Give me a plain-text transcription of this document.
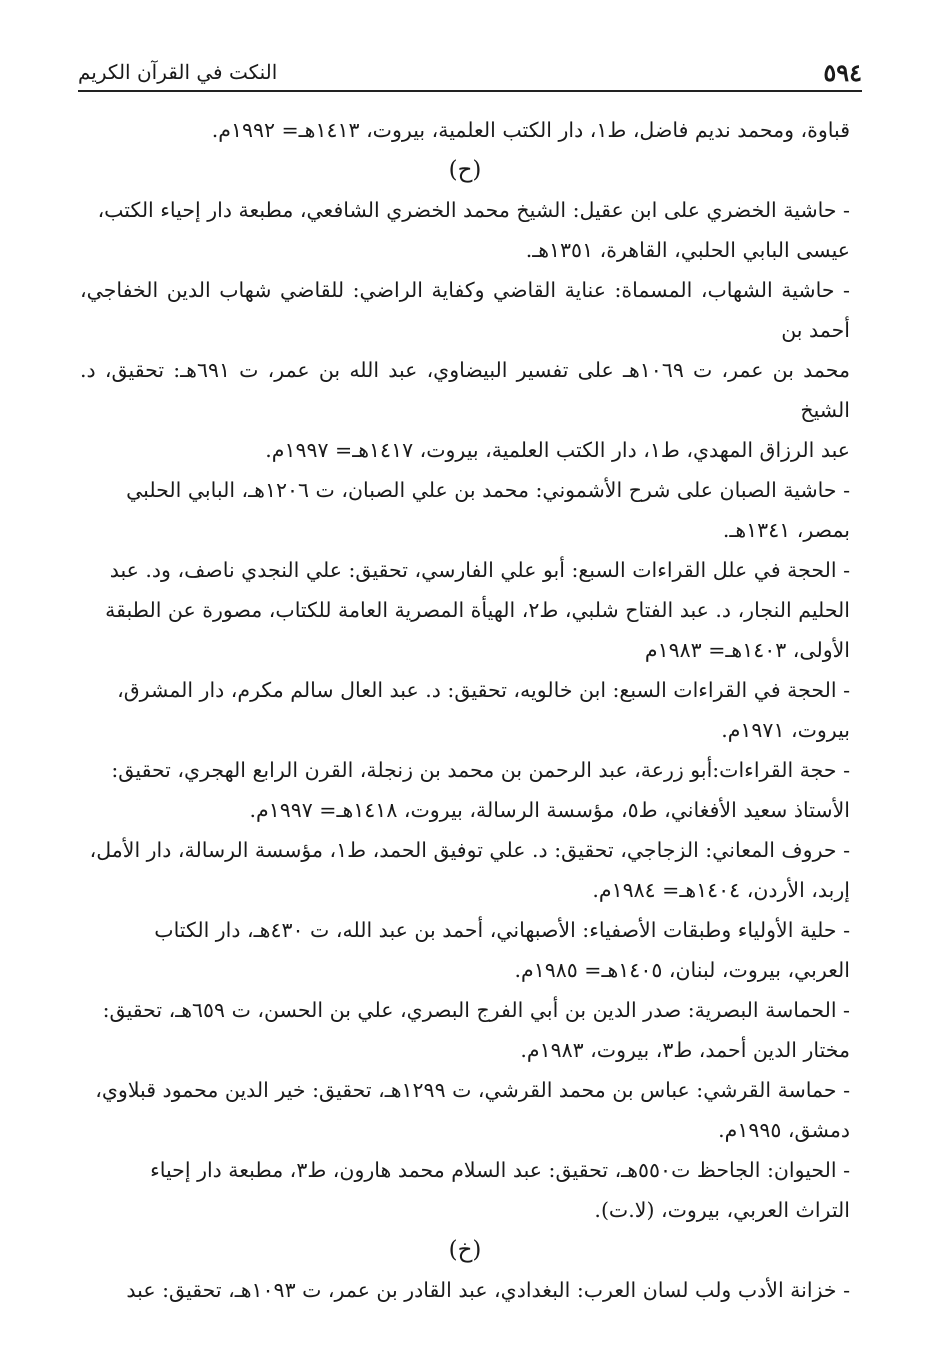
٥٩٤
النكت في القرآن الكريم

قباوة، ومحمد نديم فاضل، ط١، دار الكتب العلمية، بيروت، ١٤١٣هـ= ١٩٩٢م.

(ح)

- حاشية الخضري على ابن عقيل: الشيخ محمد الخضري الشافعي، مطبعة دار إحياء الكتب،
عيسى البابي الحلبي، القاهرة، ١٣٥١هـ.

- حاشية الشهاب، المسماة: عناية القاضي وكفاية الراضي: للقاضي شهاب الدين الخفاجي، أحمد بن
محمد بن عمر، ت ١٠٦٩هـ على تفسير البيضاوي، عبد الله بن عمر، ت ٦٩١هـ: تحقيق، د. الشيخ
عبد الرزاق المهدي، ط١، دار الكتب العلمية، بيروت، ١٤١٧هـ= ١٩٩٧م.

- حاشية الصبان على شرح الأشموني: محمد بن علي الصبان، ت ١٢٠٦هـ، البابي الحلبي
بمصر، ١٣٤١هـ.

- الحجة في علل القراءات السبع: أبو علي الفارسي، تحقيق: علي النجدي ناصف، ود. عبد
الحليم النجار، د. عبد الفتاح شلبي، ط٢، الهيأة المصرية العامة للكتاب، مصورة عن الطبقة
الأولى، ١٤٠٣هـ= ١٩٨٣م

- الحجة في القراءات السبع: ابن خالويه، تحقيق: د. عبد العال سالم مكرم، دار المشرق،
بيروت، ١٩٧١م.

- حجة القراءات:أبو زرعة، عبد الرحمن بن محمد بن زنجلة، القرن الرابع الهجري، تحقيق:
الأستاذ سعيد الأفغاني، ط٥، مؤسسة الرسالة، بيروت، ١٤١٨هـ= ١٩٩٧م.

- حروف المعاني: الزجاجي، تحقيق: د. علي توفيق الحمد، ط١، مؤسسة الرسالة، دار الأمل،
إربد، الأردن، ١٤٠٤هـ= ١٩٨٤م.

- حلية الأولياء وطبقات الأصفياء: الأصبهاني، أحمد بن عبد الله، ت ٤٣٠هـ، دار الكتاب
العربي، بيروت، لبنان، ١٤٠٥هـ= ١٩٨٥م.

- الحماسة البصرية: صدر الدين بن أبي الفرج البصري، علي بن الحسن، ت ٦٥٩هـ، تحقيق:
مختار الدين أحمد، ط٣، بيروت، ١٩٨٣م.

- حماسة القرشي: عباس بن محمد القرشي، ت ١٢٩٩هـ، تحقيق: خير الدين محمود قبلاوي،
دمشق، ١٩٩٥م.

- الحيوان: الجاحظ ت٥٥٠هـ، تحقيق: عبد السلام محمد هارون، ط٣، مطبعة دار إحياء
التراث العربي، بيروت، (لا.ت).

(خ)

- خزانة الأدب ولب لسان العرب: البغدادي، عبد القادر بن عمر، ت ١٠٩٣هـ، تحقيق: عبد
